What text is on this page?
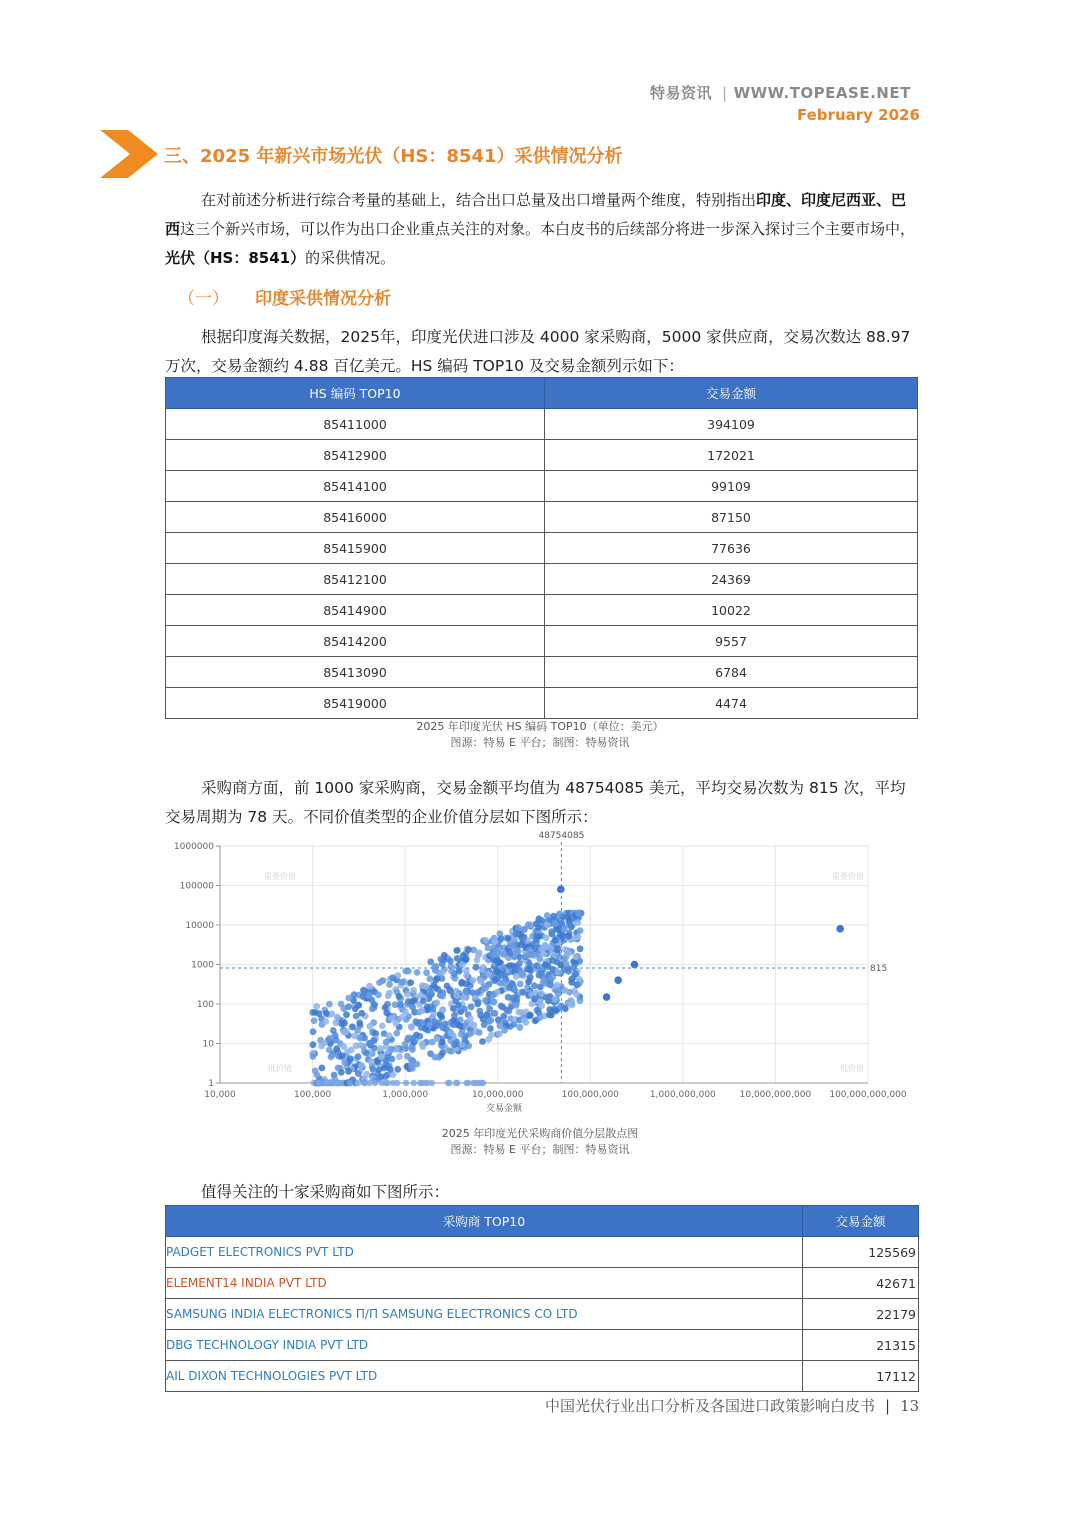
特易资讯 | WWW.TOPEASE.NET
February 2026
三、2025 年新兴市场光伏（HS：8541）采供情况分析
在对前述分析进行综合考量的基础上，结合出口总量及出口增量两个维度，特别指出印度、印度尼西亚、巴西这三个新兴市场，可以作为出口企业重点关注的对象。本白皮书的后续部分将进一步深入探讨三个主要市场中，光伏（HS：8541）的采供情况。
（一） 印度采供情况分析
根据印度海关数据，2025年，印度光伏进口涉及 4000 家采购商，5000 家供应商，交易次数达 88.97 万次，交易金额约 4.88 百亿美元。HS 编码 TOP10 及交易金额列示如下：
HS 编码 TOP10	交易金额
85411000	394109
85412900	172021
85414100	99109
85416000	87150
85415900	77636
85412100	24369
85414900	10022
85414200	9557
85413090	6784
85419000	4474
2025 年印度光伏 HS 编码 TOP10（单位：美元）
图源：特易 E 平台；制图：特易资讯
采购商方面，前 1000 家采购商，交易金额平均值为 48754085 美元，平均交易次数为 815 次，平均交易周期为 78 天。不同价值类型的企业价值分层如下图所示：
10,000	100,000	1,000,000	10,000,000	100,000,000	1,000,000,000	10,000,000,000 100,000,000,000
1
10
100
1000
10000
100000
1000000
交易金额
重要价值	重要价值
低价值	低价值
48754085
815
2025 年印度光伏采购商价值分层散点图
图源：特易 E 平台；制图：特易资讯
值得关注的十家采购商如下图所示：
采购商 TOP10	交易金额
PADGET ELECTRONICS PVT LTD	125569
ELEMENT14 INDIA PVT LTD	42671
SAMSUNG INDIA ELECTRONICS П/П SAMSUNG ELECTRONICS CO LTD	22179
DBG TECHNOLOGY INDIA PVT LTD	21315
AIL DIXON TECHNOLOGIES PVT LTD	17112
中国光伏行业出口分析及各国进口政策影响白皮书 | 13
